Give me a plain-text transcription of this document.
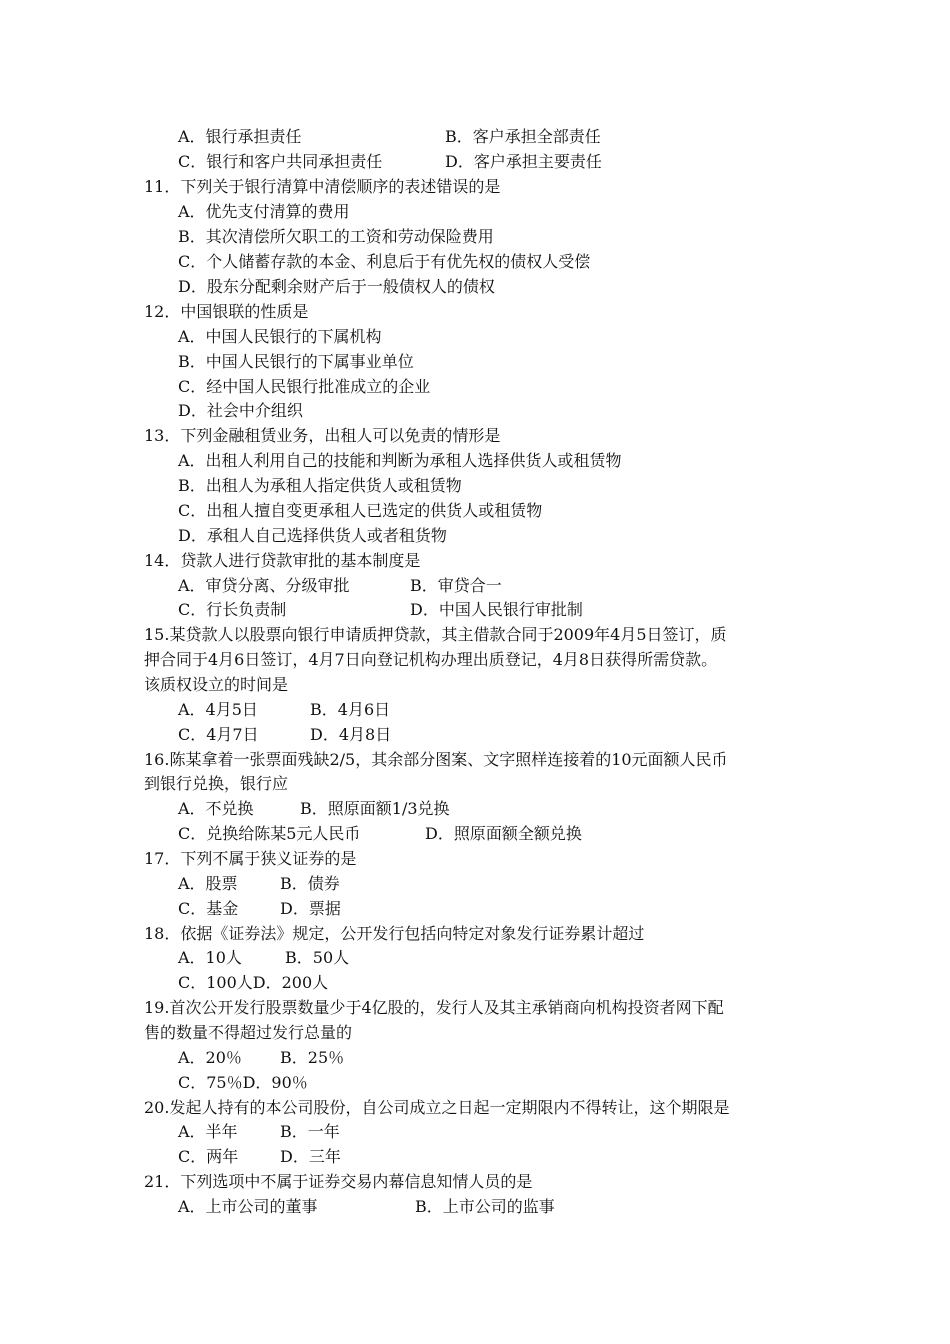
A．银行承担责任	B．客户承担全部责任
C．银行和客户共同承担责任	D．客户承担主要责任
11．下列关于银行清算中清偿顺序的表述错误的是
A．优先支付清算的费用
B．其次清偿所欠职工的工资和劳动保险费用
C．个人储蓄存款的本金、利息后于有优先权的债权人受偿
D．股东分配剩余财产后于一般债权人的债权
12．中国银联的性质是
A．中国人民银行的下属机构
B．中国人民银行的下属事业单位
C．经中国人民银行批准成立的企业
D．社会中介组织
13．下列金融租赁业务，出租人可以免责的情形是
A．出租人利用自己的技能和判断为承租人选择供货人或租赁物
B．出租人为承租人指定供货人或租赁物
C．出租人擅自变更承租人已选定的供货人或租赁物
D．承租人自己选择供货人或者租货物
14．贷款人进行贷款审批的基本制度是
A．审贷分离、分级审批	B．审贷合一
C．行长负责制	D．中国人民银行审批制
15.某贷款人以股票向银行申请质押贷款，其主借款合同于2009年4月5日签订，质
押合同于4月6日签订，4月7日向登记机构办理出质登记，4月8日获得所需贷款。
该质权设立的时间是
A．4月5日	B．4月6日
C．4月7日	D．4月8日
16.陈某拿着一张票面残缺2/5，其余部分图案、文字照样连接着的10元面额人民币
到银行兑换，银行应
A．不兑换	B．照原面额1/3兑换
C．兑换给陈某5元人民币	D．照原面额全额兑换
17．下列不属于狭义证券的是
A．股票	B．债券
C．基金	D．票据
18．依据《证券法》规定，公开发行包括向特定对象发行证券累计超过
A．10人	B．50人
C．100人D．200人
19.首次公开发行股票数量少于4亿股的，发行人及其主承销商向机构投资者网下配
售的数量不得超过发行总量的
A．20％ B．25％
C．75％D．90％
20.发起人持有的本公司股份，自公司成立之日起一定期限内不得转让，这个期限是
A．半年	B．一年
C．两年	D．三年
21．下列选项中不属于证券交易内幕信息知情人员的是
A．上市公司的董事	B．上市公司的监事
